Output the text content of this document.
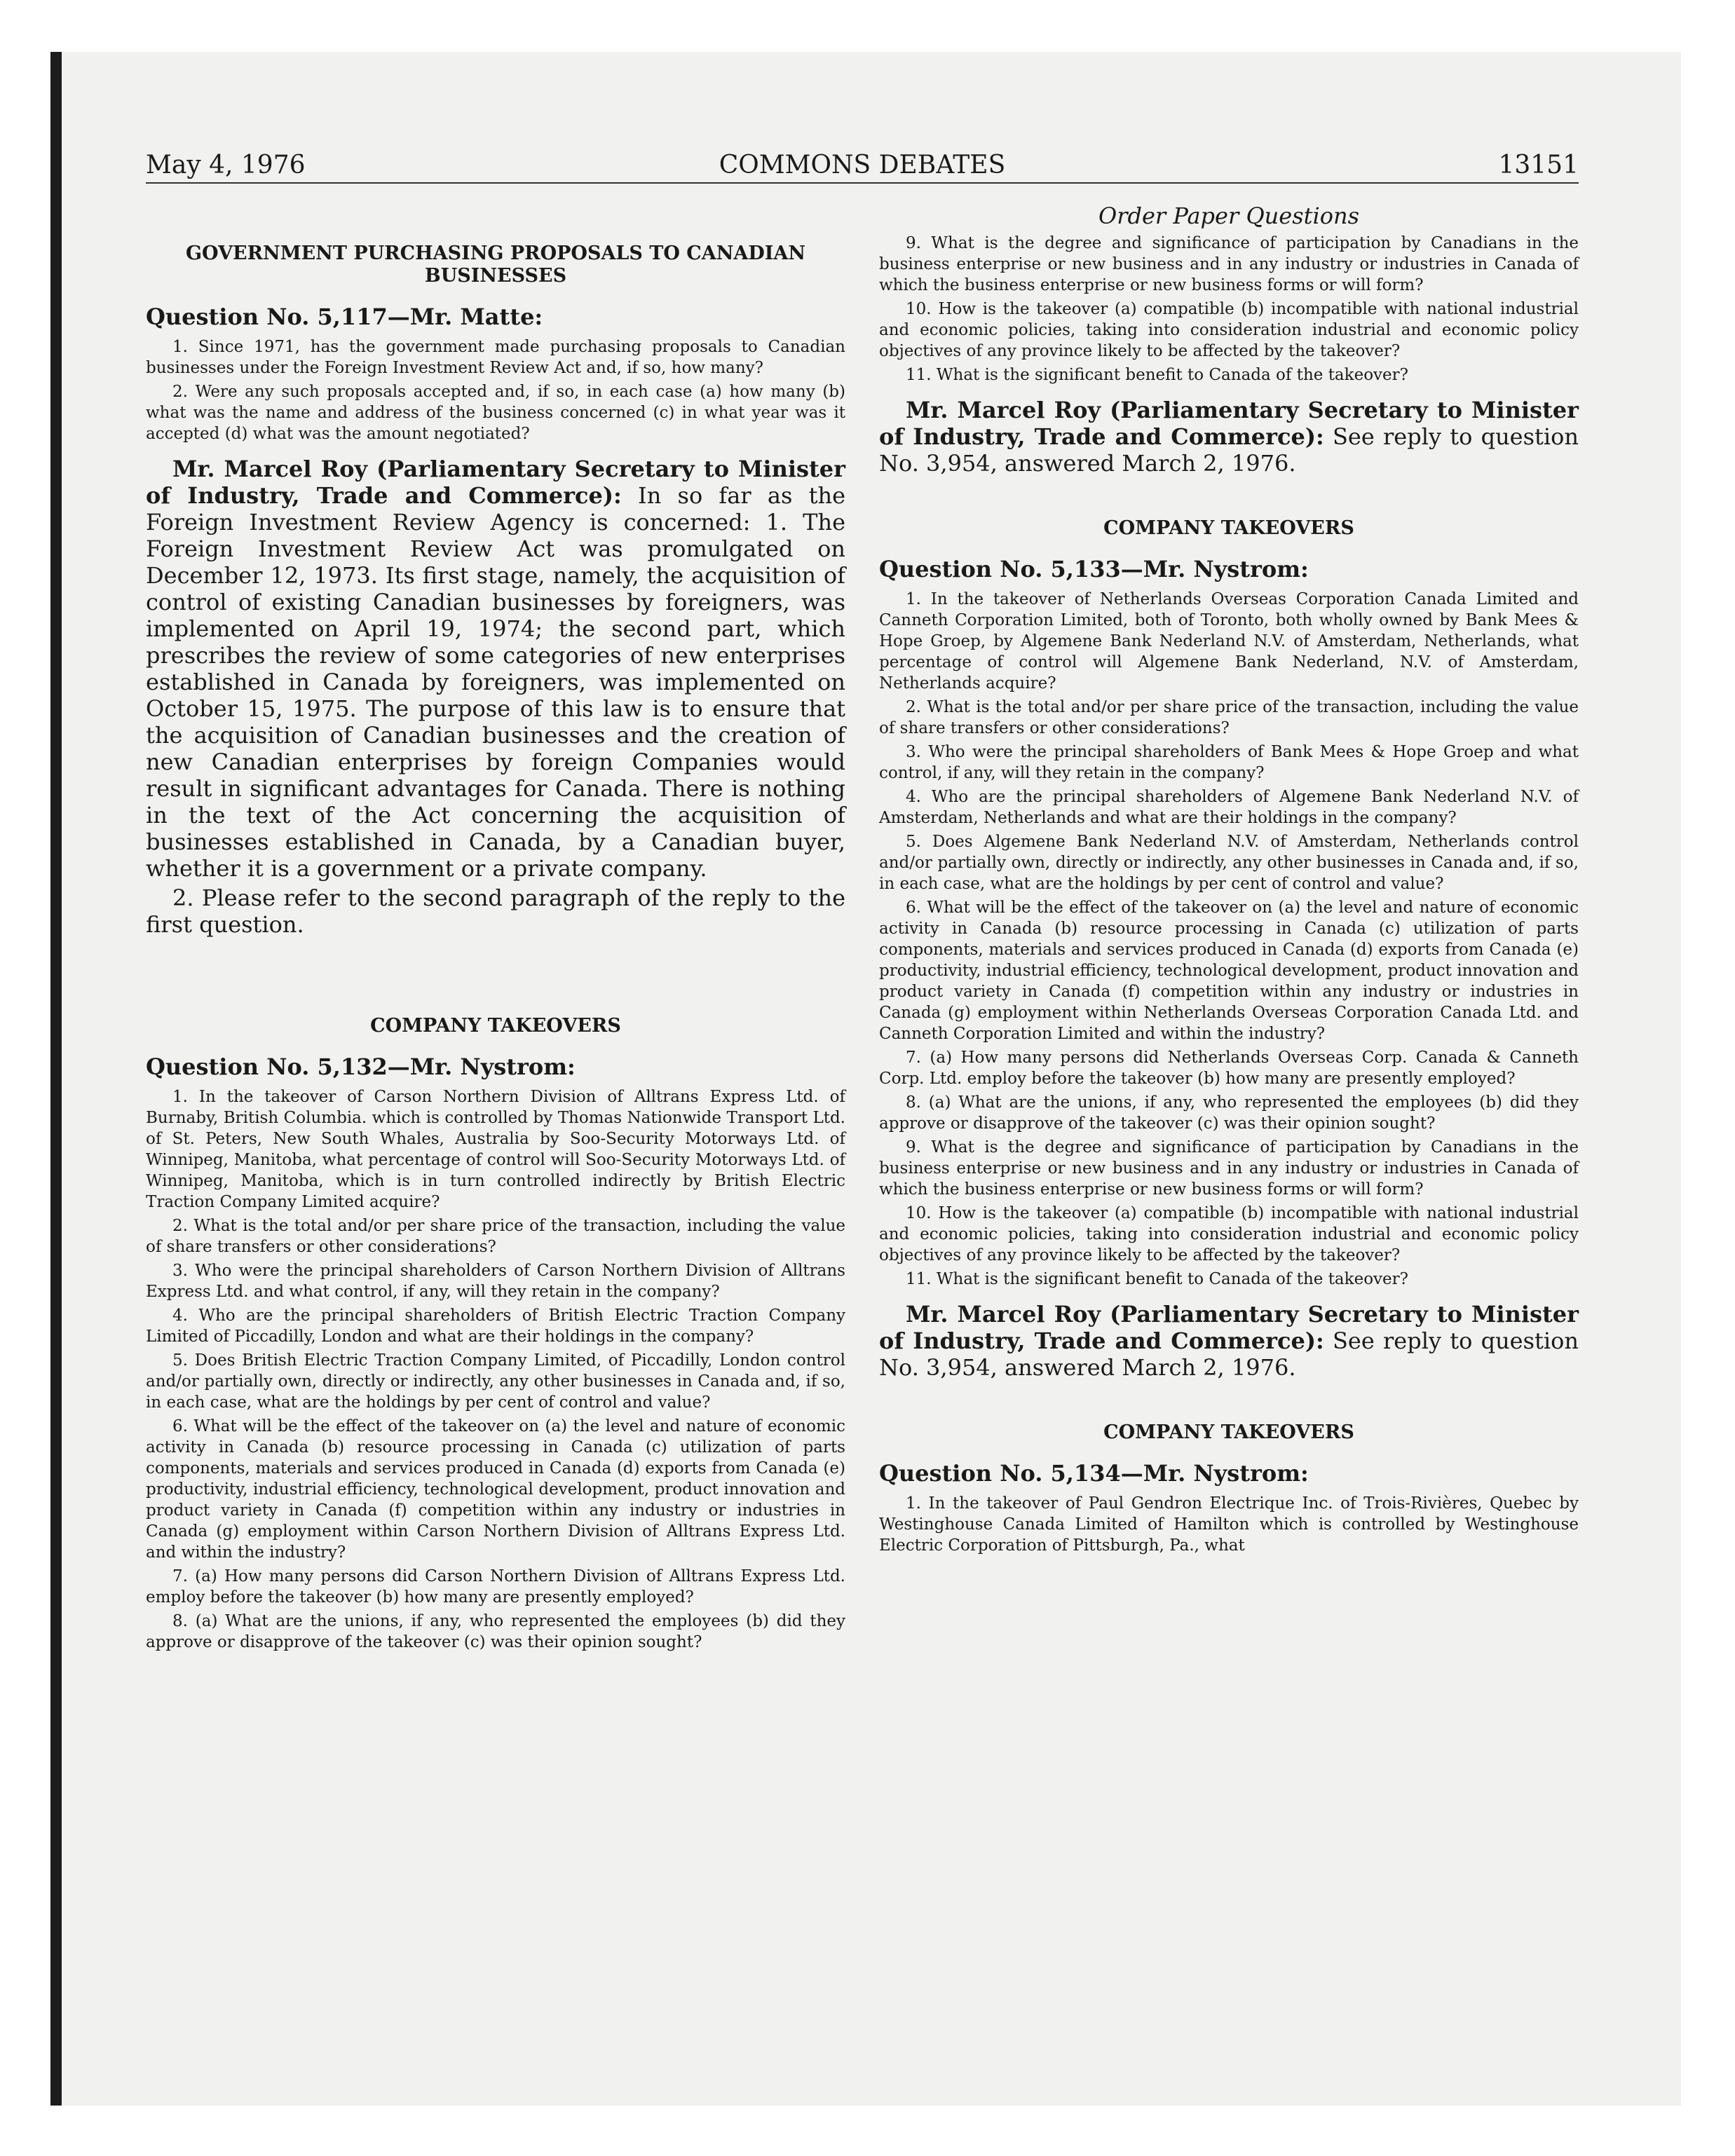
May 4, 1976	COMMONS DEBATES	13151
GOVERNMENT PURCHASING PROPOSALS TO CANADIAN BUSINESSES
Question No. 5,117—Mr. Matte:

1. Since 1971, has the government made purchasing proposals to Canadian businesses under the Foreign Investment Review Act and, if so, how many?

2. Were any such proposals accepted and, if so, in each case (a) how many (b) what was the name and address of the business concerned (c) in what year was it accepted (d) what was the amount negotiated?

Mr. Marcel Roy (Parliamentary Secretary to Minister of Industry, Trade and Commerce): In so far as the Foreign Investment Review Agency is concerned: 1. The Foreign Investment Review Act was promulgated on December 12, 1973. Its first stage, namely, the acquisition of control of existing Canadian businesses by foreigners, was implemented on April 19, 1974; the second part, which prescribes the review of some categories of new enterprises established in Canada by foreigners, was implemented on October 15, 1975. The purpose of this law is to ensure that the acquisition of Canadian businesses and the creation of new Canadian enterprises by foreign Companies would result in significant advantages for Canada. There is nothing in the text of the Act concerning the acquisition of businesses established in Canada, by a Canadian buyer, whether it is a government or a private company.

2. Please refer to the second paragraph of the reply to the first question.

COMPANY TAKEOVERS
Question No. 5,132—Mr. Nystrom:

1. In the takeover of Carson Northern Division of Alltrans Express Ltd. of Burnaby, British Columbia. which is controlled by Thomas Nationwide Transport Ltd. of St. Peters, New South Whales, Australia by Soo-Security Motorways Ltd. of Winnipeg, Manitoba, what percentage of control will Soo-Security Motorways Ltd. of Winnipeg, Manitoba, which is in turn controlled indirectly by British Electric Traction Company Limited acquire?

2. What is the total and/or per share price of the transaction, including the value of share transfers or other considerations?

3. Who were the principal shareholders of Carson Northern Division of Alltrans Express Ltd. and what control, if any, will they retain in the company?

4. Who are the principal shareholders of British Electric Traction Company Limited of Piccadilly, London and what are their holdings in the company?

5. Does British Electric Traction Company Limited, of Piccadilly, London control and/or partially own, directly or indirectly, any other businesses in Canada and, if so, in each case, what are the holdings by per cent of control and value?

6. What will be the effect of the takeover on (a) the level and nature of economic activity in Canada (b) resource processing in Canada (c) utilization of parts components, materials and services produced in Canada (d) exports from Canada (e) productivity, industrial efficiency, technological development, product innovation and product variety in Canada (f) competition within any industry or industries in Canada (g) employment within Carson Northern Division of Alltrans Express Ltd. and within the industry?

7. (a) How many persons did Carson Northern Division of Alltrans Express Ltd. employ before the takeover (b) how many are presently employed?

8. (a) What are the unions, if any, who represented the employees (b) did they approve or disapprove of the takeover (c) was their opinion sought?

Order Paper Questions

9. What is the degree and significance of participation by Canadians in the business enterprise or new business and in any industry or industries in Canada of which the business enterprise or new business forms or will form?

10. How is the takeover (a) compatible (b) incompatible with national industrial and economic policies, taking into consideration industrial and economic policy objectives of any province likely to be affected by the takeover?

11. What is the significant benefit to Canada of the takeover?

Mr. Marcel Roy (Parliamentary Secretary to Minister of Industry, Trade and Commerce): See reply to question No. 3,954, answered March 2, 1976.

COMPANY TAKEOVERS
Question No. 5,133—Mr. Nystrom:

1. In the takeover of Netherlands Overseas Corporation Canada Limited and Canneth Corporation Limited, both of Toronto, both wholly owned by Bank Mees & Hope Groep, by Algemene Bank Nederland N.V. of Amsterdam, Netherlands, what percentage of control will Algemene Bank Nederland, N.V. of Amsterdam, Netherlands acquire?

2. What is the total and/or per share price of the transaction, including the value of share transfers or other considerations?

3. Who were the principal shareholders of Bank Mees & Hope Groep and what control, if any, will they retain in the company?

4. Who are the principal shareholders of Algemene Bank Nederland N.V. of Amsterdam, Netherlands and what are their holdings in the company?

5. Does Algemene Bank Nederland N.V. of Amsterdam, Netherlands control and/or partially own, directly or indirectly, any other businesses in Canada and, if so, in each case, what are the holdings by per cent of control and value?

6. What will be the effect of the takeover on (a) the level and nature of economic activity in Canada (b) resource processing in Canada (c) utilization of parts components, materials and services produced in Canada (d) exports from Canada (e) productivity, industrial efficiency, technological development, product innovation and product variety in Canada (f) competition within any industry or industries in Canada (g) employment within Netherlands Overseas Corporation Canada Ltd. and Canneth Corporation Limited and within the industry?

7. (a) How many persons did Netherlands Overseas Corp. Canada & Canneth Corp. Ltd. employ before the takeover (b) how many are presently employed?

8. (a) What are the unions, if any, who represented the employees (b) did they approve or disapprove of the takeover (c) was their opinion sought?

9. What is the degree and significance of participation by Canadians in the business enterprise or new business and in any industry or industries in Canada of which the business enterprise or new business forms or will form?

10. How is the takeover (a) compatible (b) incompatible with national industrial and economic policies, taking into consideration industrial and economic policy objectives of any province likely to be affected by the takeover?

11. What is the significant benefit to Canada of the takeover?

Mr. Marcel Roy (Parliamentary Secretary to Minister of Industry, Trade and Commerce): See reply to question No. 3,954, answered March 2, 1976.

COMPANY TAKEOVERS
Question No. 5,134—Mr. Nystrom:

1. In the takeover of Paul Gendron Electrique Inc. of Trois-Rivières, Quebec by Westinghouse Canada Limited of Hamilton which is controlled by Westinghouse Electric Corporation of Pittsburgh, Pa., what
